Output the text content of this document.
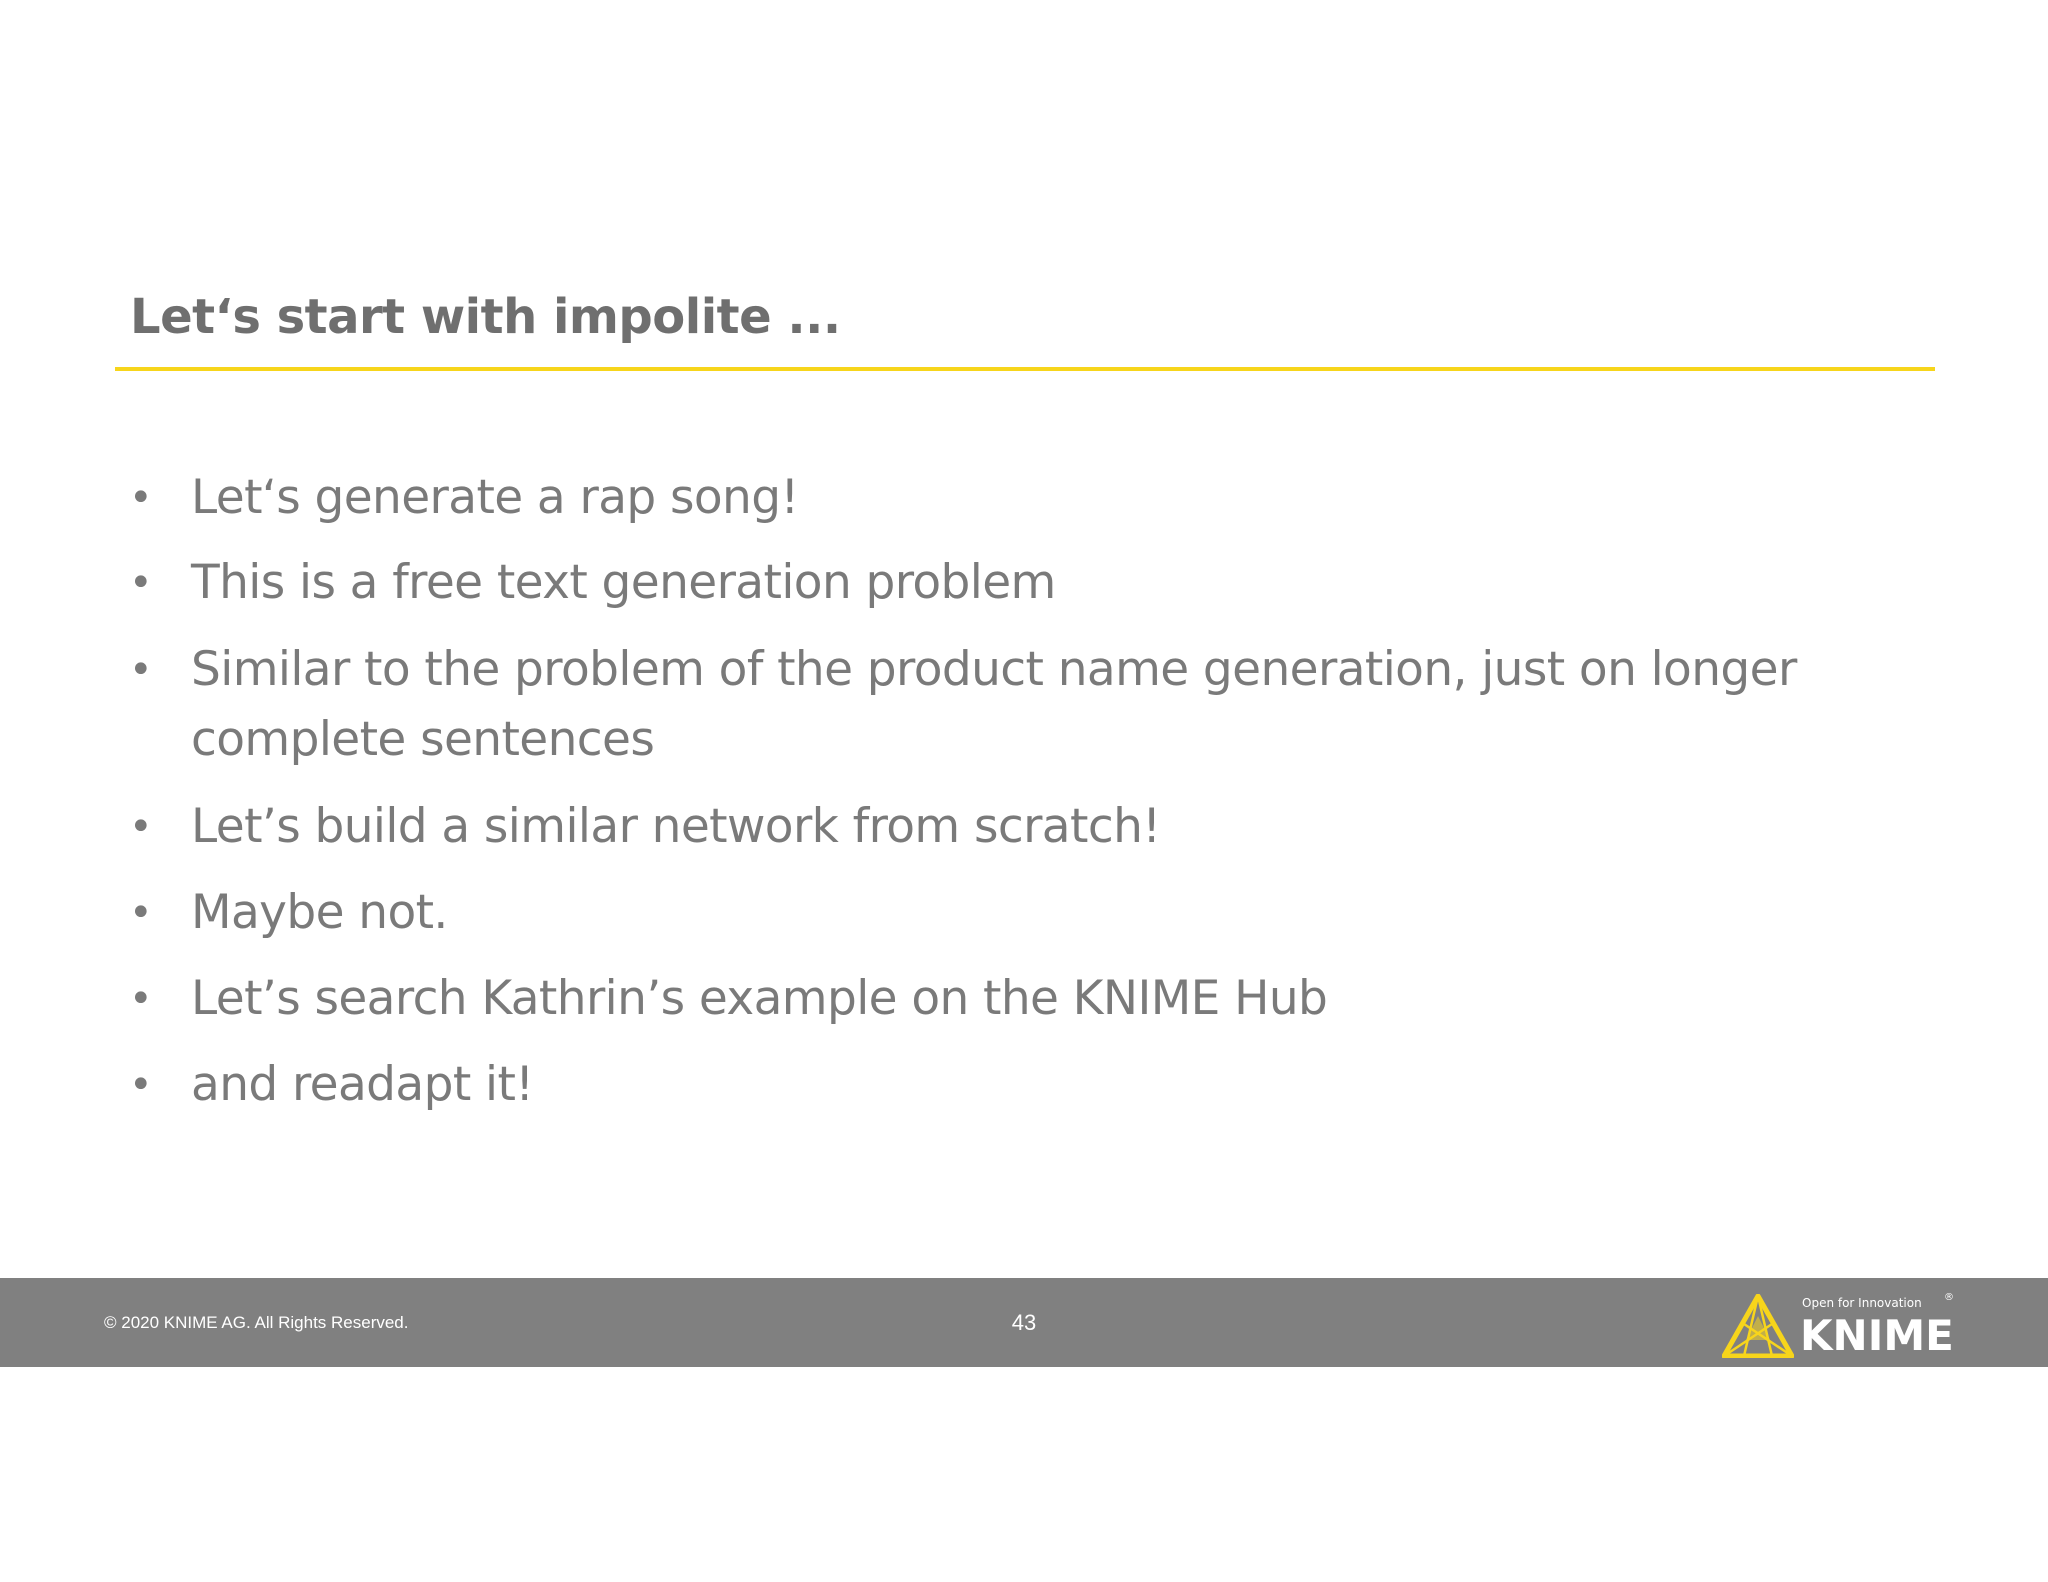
Let‘s start with impolite ...
• Let‘s generate a rap song!
• This is a free text generation problem
• Similar to the problem of the product name generation, just on longer complete sentences
• Let’s build a similar network from scratch!
• Maybe not.
• Let’s search Kathrin’s example on the KNIME Hub
• and readapt it!
© 2020 KNIME AG. All Rights Reserved.	43
Open for Innovation ®
KNIME
